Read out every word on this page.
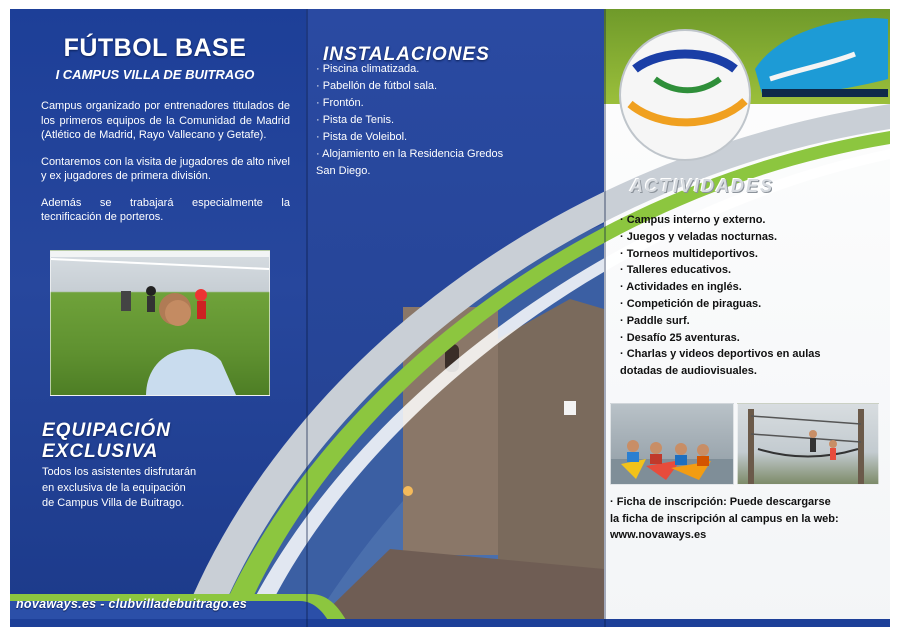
FÚTBOL BASE
I CAMPUS VILLA DE BUITRAGO

Campus organizado por entrenadores titulados de los primeros equipos de la Comunidad de Madrid (Atlético de Madrid, Rayo Vallecano y Getafe).

Contaremos con la visita de jugadores de alto nivel y ex jugadores de primera división.

Además se trabajará especialmente la tecnificación de porteros.

EQUIPACIÓN
EXCLUSIVA
Todos los asistentes disfrutarán en exclusiva de la equipación de Campus Villa de Buitrago.
INSTALACIONES
· Piscina climatizada.
· Pabellón de fútbol sala.
· Frontón.
· Pista de Tenis.
· Pista de Voleibol.
· Alojamiento en la Residencia Gredos
San Diego.
ACTIVIDADES
· Campus interno y externo.
· Juegos y veladas nocturnas.
· Torneos multideportivos.
· Talleres educativos.
· Actividades en inglés.
· Competición de piraguas.
· Paddle surf.
· Desafío 25 aventuras.
· Charlas y videos deportivos en aulas
dotadas de audiovisuales.
· Ficha de inscripción: Puede descargarse
la ficha de inscripción al campus en la web:
www.novaways.es
novaways.es - clubvilladebuitrago.es
